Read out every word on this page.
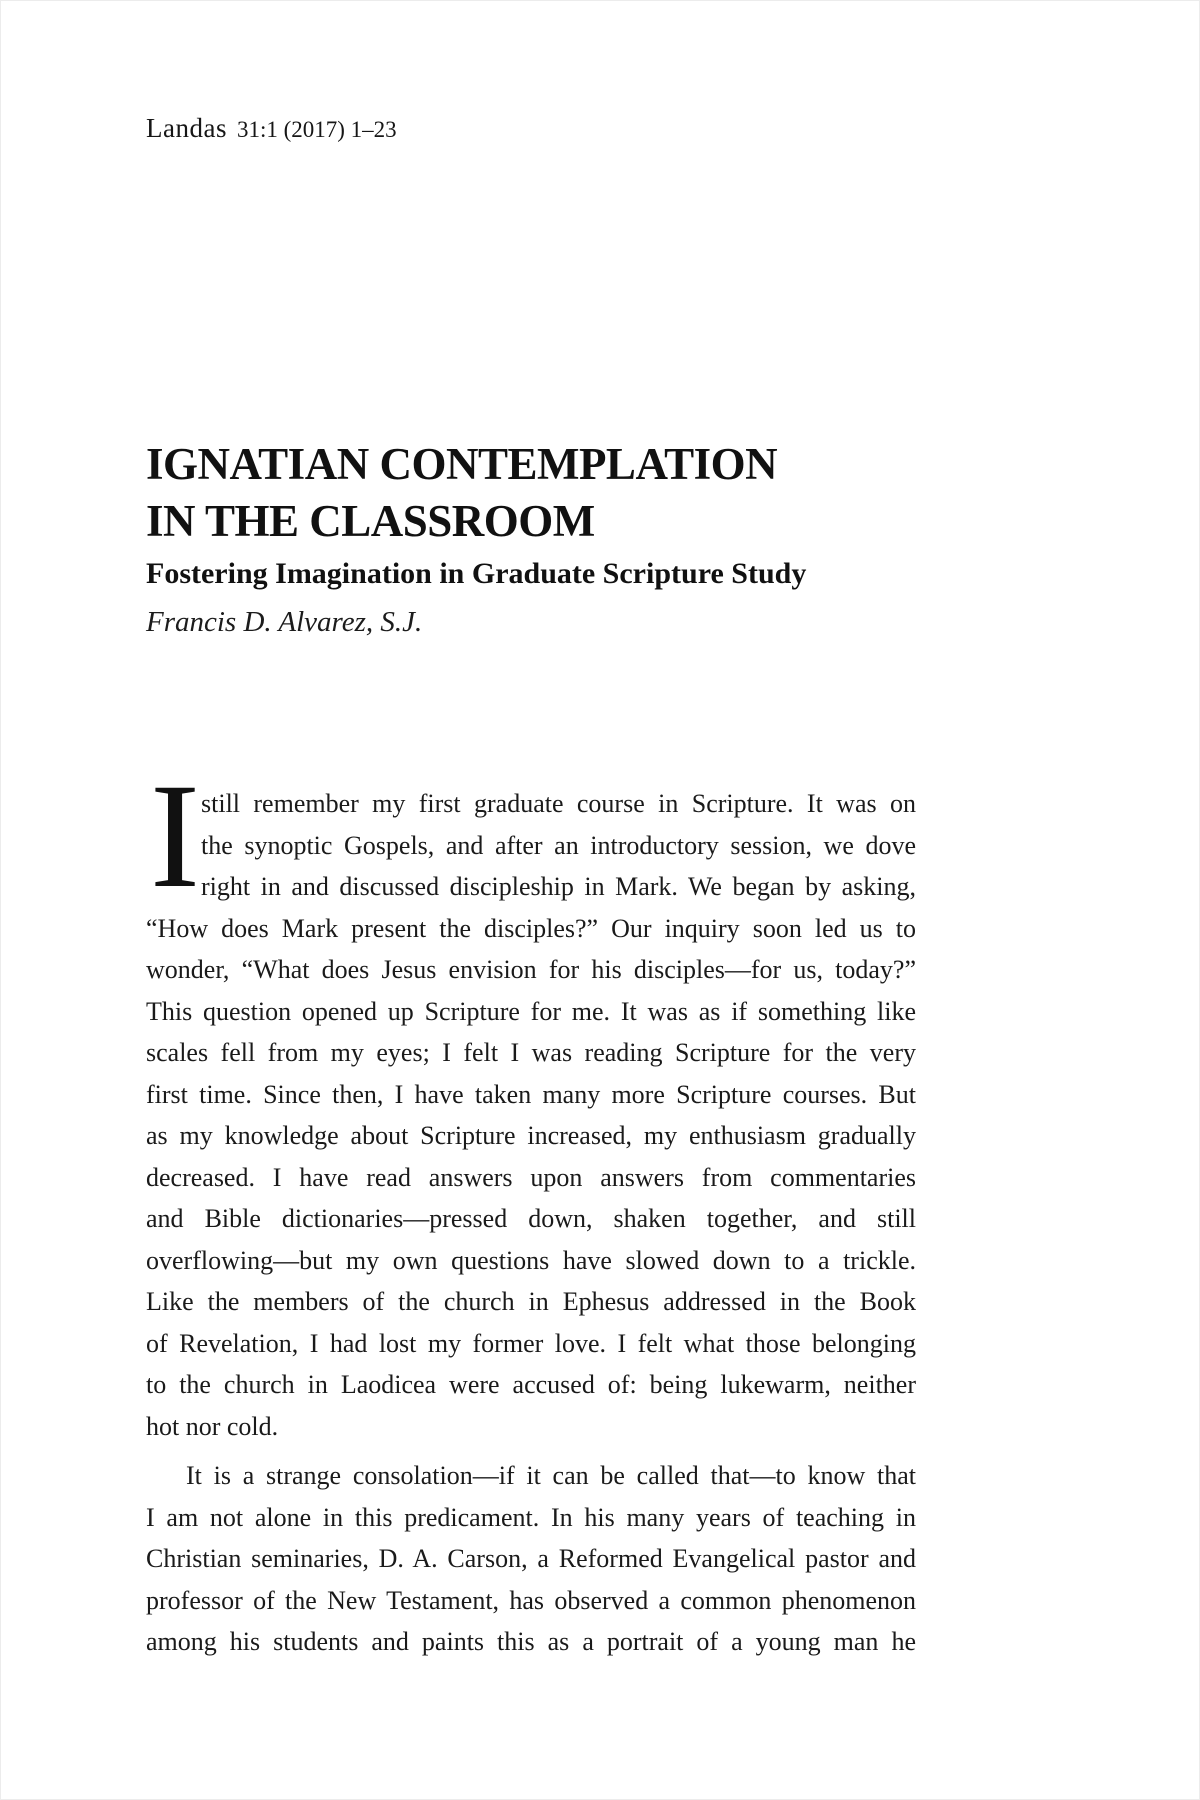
Landas 31:1 (2017) 1–23
IGNATIAN CONTEMPLATION
IN THE CLASSROOM
Fostering Imagination in Graduate Scripture Study
Francis D. Alvarez, S.J.
I still remember my first graduate course in Scripture. It was on
the synoptic Gospels, and after an introductory session, we dove
right in and discussed discipleship in Mark. We began by asking,
“How does Mark present the disciples?” Our inquiry soon led us to
wonder, “What does Jesus envision for his disciples—for us, today?”
This question opened up Scripture for me. It was as if something like
scales fell from my eyes; I felt I was reading Scripture for the very
first time. Since then, I have taken many more Scripture courses. But
as my knowledge about Scripture increased, my enthusiasm gradually
decreased. I have read answers upon answers from commentaries
and Bible dictionaries—pressed down, shaken together, and still
overflowing—but my own questions have slowed down to a trickle.
Like the members of the church in Ephesus addressed in the Book
of Revelation, I had lost my former love. I felt what those belonging
to the church in Laodicea were accused of: being lukewarm, neither
hot nor cold.
It is a strange consolation—if it can be called that—to know that
I am not alone in this predicament. In his many years of teaching in
Christian seminaries, D. A. Carson, a Reformed Evangelical pastor and
professor of the New Testament, has observed a common phenomenon
among his students and paints this as a portrait of a young man he
